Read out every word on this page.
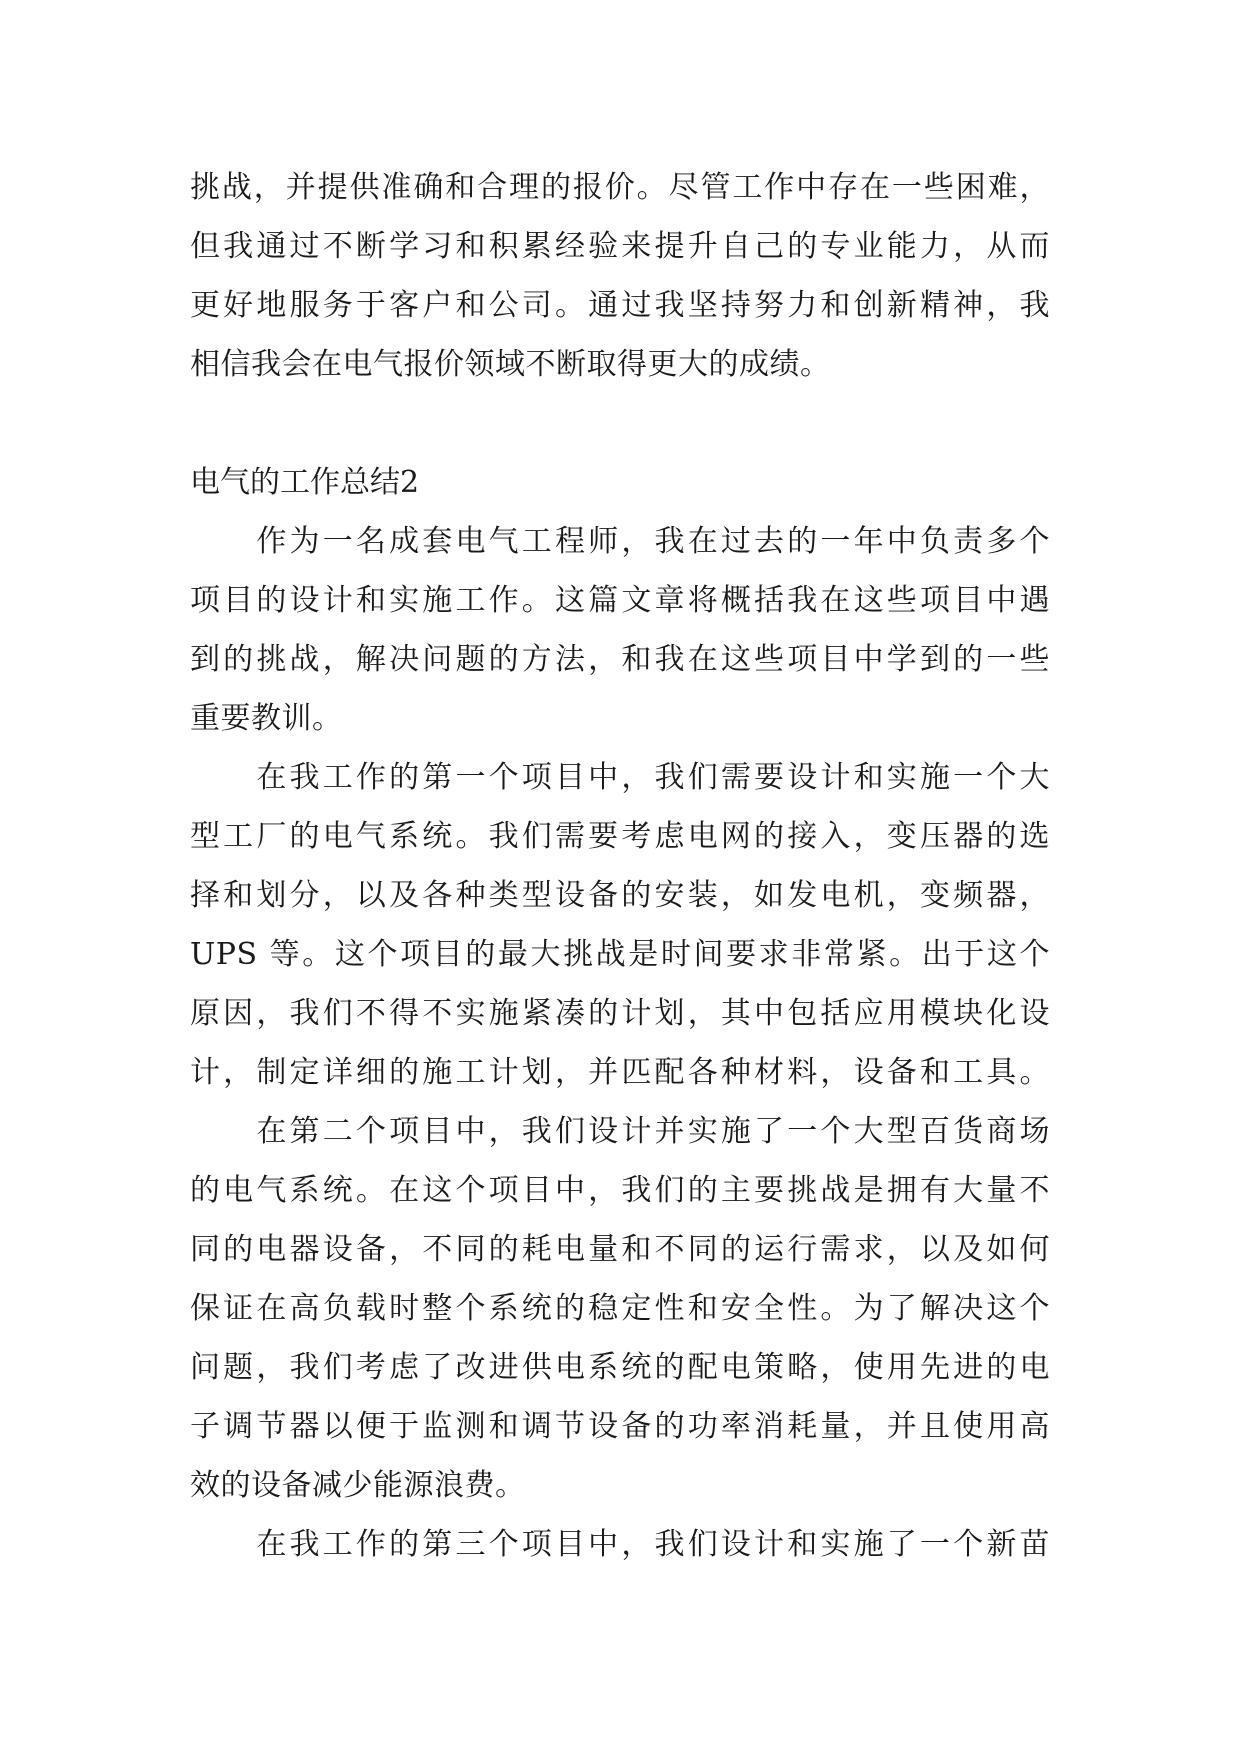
挑战，并提供准确和合理的报价。尽管工作中存在一些困难，
但我通过不断学习和积累经验来提升自己的专业能力，从而
更好地服务于客户和公司。通过我坚持努力和创新精神，我
相信我会在电气报价领域不断取得更大的成绩。
电气的工作总结2
　　作为一名成套电气工程师，我在过去的一年中负责多个
项目的设计和实施工作。这篇文章将概括我在这些项目中遇
到的挑战，解决问题的方法，和我在这些项目中学到的一些
重要教训。
　　在我工作的第一个项目中，我们需要设计和实施一个大
型工厂的电气系统。我们需要考虑电网的接入，变压器的选
择和划分，以及各种类型设备的安装，如发电机，变频器，
UPS 等。这个项目的最大挑战是时间要求非常紧。出于这个
原因，我们不得不实施紧凑的计划，其中包括应用模块化设
计，制定详细的施工计划，并匹配各种材料，设备和工具。
　　在第二个项目中，我们设计并实施了一个大型百货商场
的电气系统。在这个项目中，我们的主要挑战是拥有大量不
同的电器设备，不同的耗电量和不同的运行需求，以及如何
保证在高负载时整个系统的稳定性和安全性。为了解决这个
问题，我们考虑了改进供电系统的配电策略，使用先进的电
子调节器以便于监测和调节设备的功率消耗量，并且使用高
效的设备减少能源浪费。
　　在我工作的第三个项目中，我们设计和实施了一个新苗
